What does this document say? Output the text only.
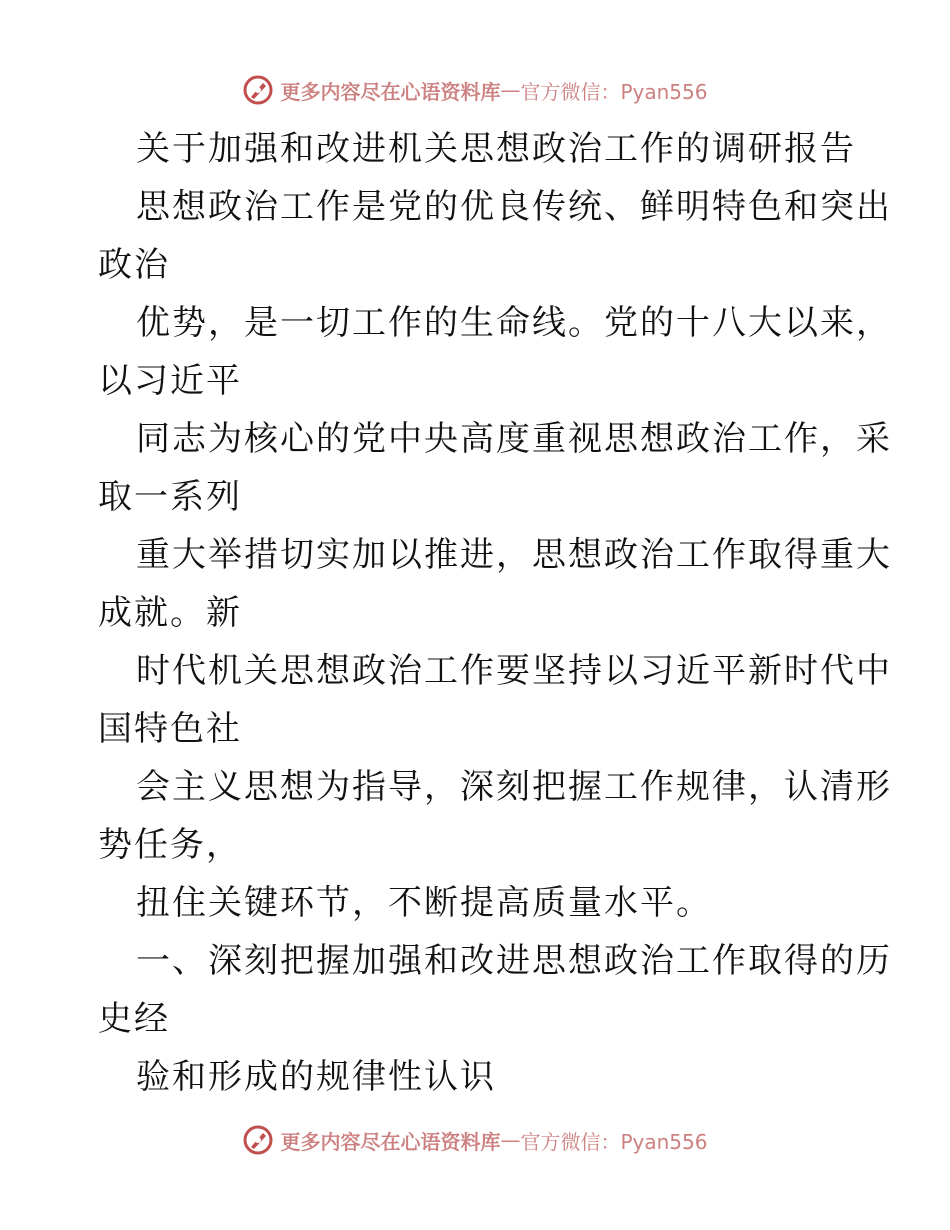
更多内容尽在心语资料库 — 官方微信：Pyan556
关于加强和改进机关思想政治工作的调研报告
思想政治工作是党的优良传统、鲜明特色和突出
政治
优势，是一切工作的生命线。党的十八大以来，
以习近平
同志为核心的党中央高度重视思想政治工作，采
取一系列
重大举措切实加以推进，思想政治工作取得重大
成就。新
时代机关思想政治工作要坚持以习近平新时代中
国特色社
会主义思想为指导，深刻把握工作规律，认清形
势任务，
扭住关键环节，不断提高质量水平。
一、深刻把握加强和改进思想政治工作取得的历
史经
验和形成的规律性认识
更多内容尽在心语资料库 — 官方微信：Pyan556
